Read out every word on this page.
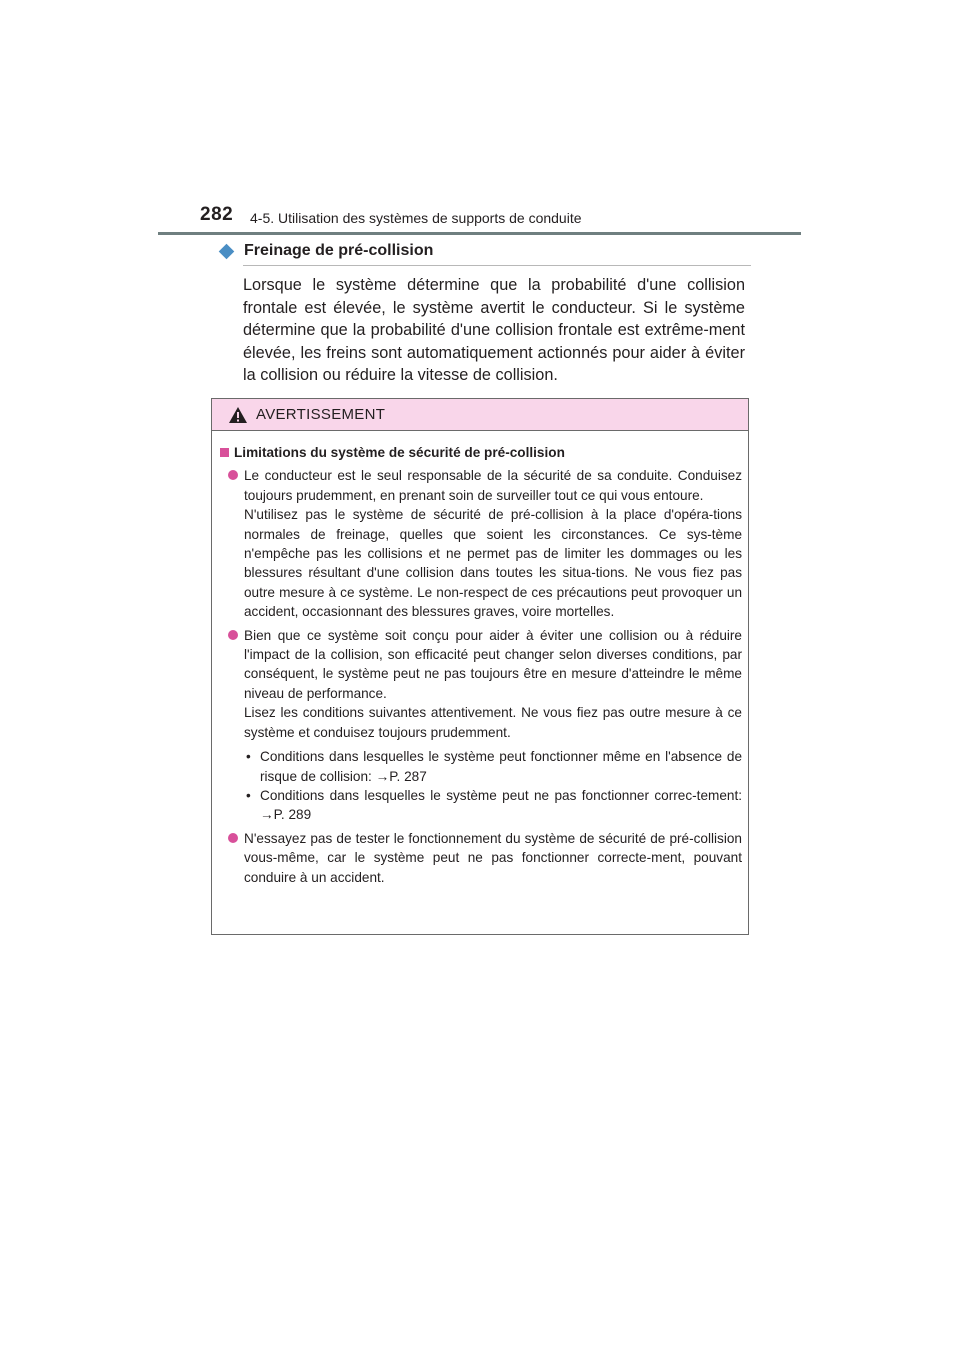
282 4-5. Utilisation des systèmes de supports de conduite
Freinage de pré-collision
Lorsque le système détermine que la probabilité d'une collision frontale est élevée, le système avertit le conducteur. Si le système détermine que la probabilité d'une collision frontale est extrême-ment élevée, les freins sont automatiquement actionnés pour aider à éviter la collision ou réduire la vitesse de collision.
AVERTISSEMENT
Limitations du système de sécurité de pré-collision

Le conducteur est le seul responsable de la sécurité de sa conduite. Conduisez toujours prudemment, en prenant soin de surveiller tout ce qui vous entoure.

N'utilisez pas le système de sécurité de pré-collision à la place d'opéra-tions normales de freinage, quelles que soient les circonstances. Ce sys-tème n'empêche pas les collisions et ne permet pas de limiter les dommages ou les blessures résultant d'une collision dans toutes les situa-tions. Ne vous fiez pas outre mesure à ce système. Le non-respect de ces précautions peut provoquer un accident, occasionnant des blessures graves, voire mortelles.

Bien que ce système soit conçu pour aider à éviter une collision ou à réduire l'impact de la collision, son efficacité peut changer selon diverses conditions, par conséquent, le système peut ne pas toujours être en mesure d'atteindre le même niveau de performance.

Lisez les conditions suivantes attentivement. Ne vous fiez pas outre mesure à ce système et conduisez toujours prudemment.

• Conditions dans lesquelles le système peut fonctionner même en l'absence de risque de collision: →P. 287
• Conditions dans lesquelles le système peut ne pas fonctionner correc-tement: →P. 289

N'essayez pas de tester le fonctionnement du système de sécurité de pré-collision vous-même, car le système peut ne pas fonctionner correcte-ment, pouvant conduire à un accident.
